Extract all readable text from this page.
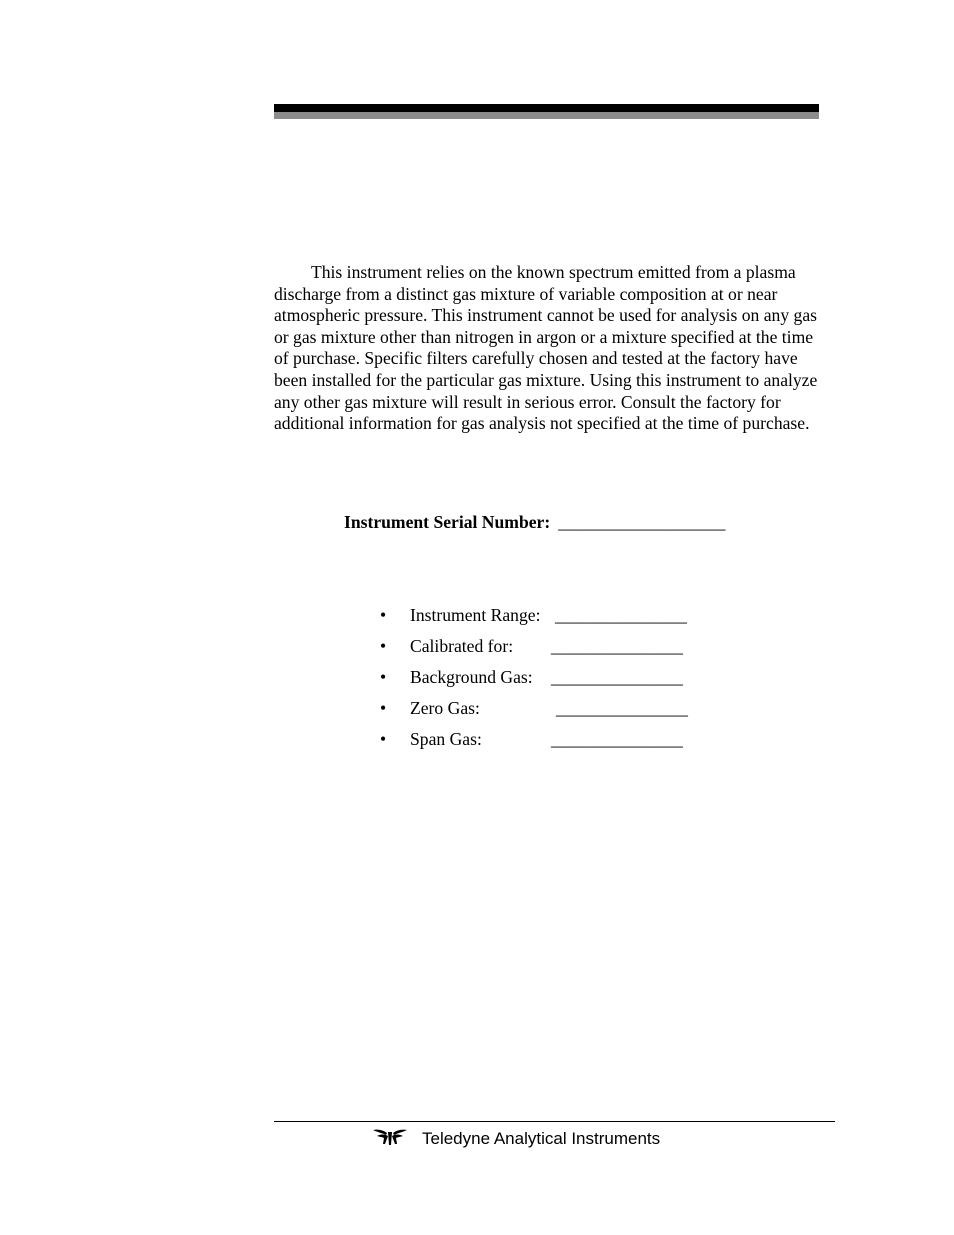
This instrument relies on the known spectrum emitted from a plasma discharge from a distinct gas mixture of variable composition at or near atmospheric pressure. This instrument cannot be used for analysis on any gas or gas mixture other than nitrogen in argon or a mixture specified at the time of purchase. Specific filters carefully chosen and tested at the factory have been installed for the particular gas mixture. Using this instrument to analyze any other gas mixture will result in serious error. Consult the factory for additional information for gas analysis not specified at the time of purchase.

Instrument Serial Number: ___________________
• Instrument Range: _______________
• Calibrated for: _______________
• Background Gas: _______________
• Zero Gas:	_______________
• Span Gas:	_______________
Teledyne Analytical Instruments
